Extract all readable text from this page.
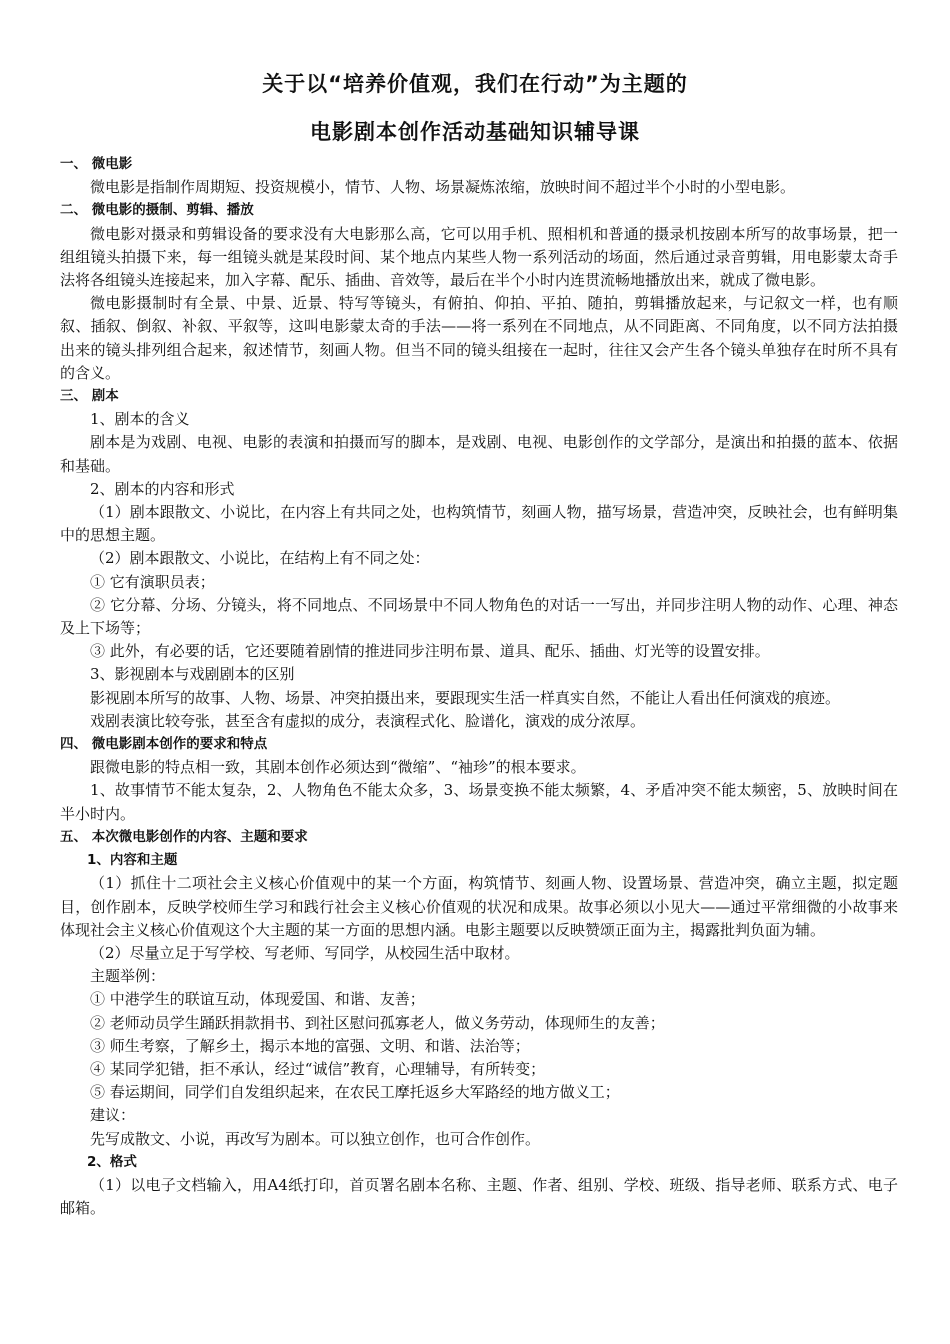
关于以“培养价值观，我们在行动”为主题的
电影剧本创作活动基础知识辅导课

一、 微电影

微电影是指制作周期短、投资规模小，情节、人物、场景凝炼浓缩，放映时间不超过半个小时的小型电影。

二、 微电影的摄制、剪辑、播放

微电影对摄录和剪辑设备的要求没有大电影那么高，它可以用手机、照相机和普通的摄录机按剧本所写的故事场景，把一组组镜头拍摄下来，每一组镜头就是某段时间、某个地点内某些人物一系列活动的场面，然后通过录音剪辑，用电影蒙太奇手法将各组镜头连接起来，加入字幕、配乐、插曲、音效等，最后在半个小时内连贯流畅地播放出来，就成了微电影。

微电影摄制时有全景、中景、近景、特写等镜头，有俯拍、仰拍、平拍、随拍，剪辑播放起来，与记叙文一样，也有顺叙、插叙、倒叙、补叙、平叙等，这叫电影蒙太奇的手法——将一系列在不同地点，从不同距离、不同角度，以不同方法拍摄出来的镜头排列组合起来，叙述情节，刻画人物。但当不同的镜头组接在一起时，往往又会产生各个镜头单独存在时所不具有的含义。

三、 剧本

1、剧本的含义

剧本是为戏剧、电视、电影的表演和拍摄而写的脚本，是戏剧、电视、电影创作的文学部分，是演出和拍摄的蓝本、依据和基础。

2、剧本的内容和形式

（1）剧本跟散文、小说比，在内容上有共同之处，也构筑情节，刻画人物，描写场景，营造冲突，反映社会，也有鲜明集中的思想主题。

（2）剧本跟散文、小说比，在结构上有不同之处：

① 它有演职员表；

② 它分幕、分场、分镜头，将不同地点、不同场景中不同人物角色的对话一一写出，并同步注明人物的动作、心理、神态及上下场等；

③ 此外，有必要的话，它还要随着剧情的推进同步注明布景、道具、配乐、插曲、灯光等的设置安排。

3、影视剧本与戏剧剧本的区别

影视剧本所写的故事、人物、场景、冲突拍摄出来，要跟现实生活一样真实自然，不能让人看出任何演戏的痕迹。

戏剧表演比较夸张，甚至含有虚拟的成分，表演程式化、脸谱化，演戏的成分浓厚。

四、 微电影剧本创作的要求和特点

跟微电影的特点相一致，其剧本创作必须达到“微缩”、“袖珍”的根本要求。

1、故事情节不能太复杂，2、人物角色不能太众多，3、场景变换不能太频繁，4、矛盾冲突不能太频密，5、放映时间在半小时内。

五、 本次微电影创作的内容、主题和要求

1、内容和主题

（1）抓住十二项社会主义核心价值观中的某一个方面，构筑情节、刻画人物、设置场景、营造冲突，确立主题，拟定题目，创作剧本，反映学校师生学习和践行社会主义核心价值观的状况和成果。故事必须以小见大——通过平常细微的小故事来体现社会主义核心价值观这个大主题的某一方面的思想内涵。电影主题要以反映赞颂正面为主，揭露批判负面为辅。

（2）尽量立足于写学校、写老师、写同学，从校园生活中取材。

主题举例：

① 中港学生的联谊互动，体现爱国、和谐、友善；

② 老师动员学生踊跃捐款捐书、到社区慰问孤寡老人，做义务劳动，体现师生的友善；

③ 师生考察，了解乡土，揭示本地的富强、文明、和谐、法治等；

④ 某同学犯错，拒不承认，经过“诚信”教育，心理辅导，有所转变；

⑤ 春运期间，同学们自发组织起来，在农民工摩托返乡大军路经的地方做义工；

建议：

先写成散文、小说，再改写为剧本。可以独立创作，也可合作创作。

2、格式

（1）以电子文档输入，用A4纸打印，首页署名剧本名称、主题、作者、组别、学校、班级、指导老师、联系方式、电子邮箱。
